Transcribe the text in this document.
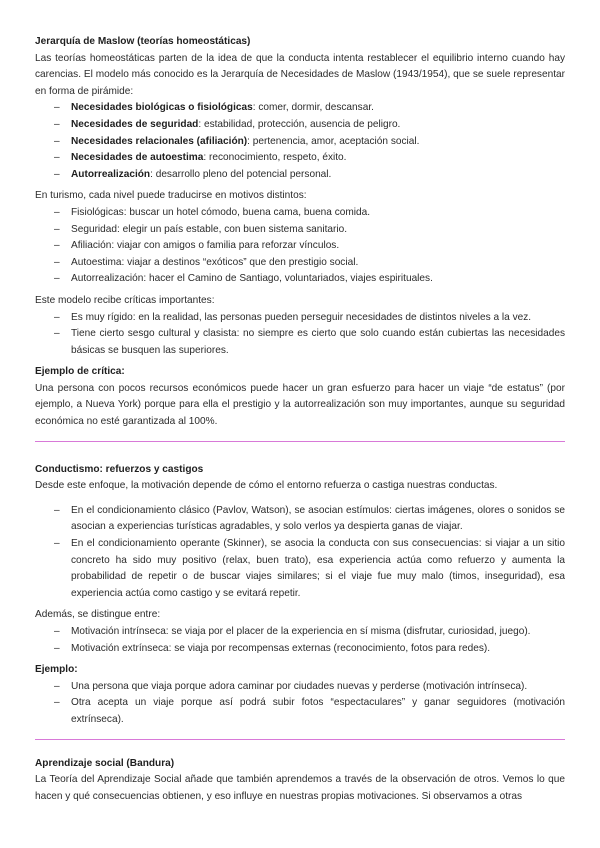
Jerarquía de Maslow (teorías homeostáticas)

Las teorías homeostáticas parten de la idea de que la conducta intenta restablecer el equilibrio interno cuando hay carencias. El modelo más conocido es la Jerarquía de Necesidades de Maslow (1943/1954), que se suele representar en forma de pirámide:

– Necesidades biológicas o fisiológicas: comer, dormir, descansar.
– Necesidades de seguridad: estabilidad, protección, ausencia de peligro.
– Necesidades relacionales (afiliación): pertenencia, amor, aceptación social.
– Necesidades de autoestima: reconocimiento, respeto, éxito.
– Autorrealización: desarrollo pleno del potencial personal.

En turismo, cada nivel puede traducirse en motivos distintos:

– Fisiológicas: buscar un hotel cómodo, buena cama, buena comida.
– Seguridad: elegir un país estable, con buen sistema sanitario.
– Afiliación: viajar con amigos o familia para reforzar vínculos.
– Autoestima: viajar a destinos “exóticos” que den prestigio social.
– Autorrealización: hacer el Camino de Santiago, voluntariados, viajes espirituales.

Este modelo recibe críticas importantes:

– Es muy rígido: en la realidad, las personas pueden perseguir necesidades de distintos niveles a la vez.
– Tiene cierto sesgo cultural y clasista: no siempre es cierto que solo cuando están cubiertas las necesidades básicas se busquen las superiores.

Ejemplo de crítica:

Una persona con pocos recursos económicos puede hacer un gran esfuerzo para hacer un viaje “de estatus” (por ejemplo, a Nueva York) porque para ella el prestigio y la autorrealización son muy importantes, aunque su seguridad económica no esté garantizada al 100%.

Conductismo: refuerzos y castigos

Desde este enfoque, la motivación depende de cómo el entorno refuerza o castiga nuestras conductas.

– En el condicionamiento clásico (Pavlov, Watson), se asocian estímulos: ciertas imágenes, olores o sonidos se asocian a experiencias turísticas agradables, y solo verlos ya despierta ganas de viajar.
– En el condicionamiento operante (Skinner), se asocia la conducta con sus consecuencias: si viajar a un sitio concreto ha sido muy positivo (relax, buen trato), esa experiencia actúa como refuerzo y aumenta la probabilidad de repetir o de buscar viajes similares; si el viaje fue muy malo (timos, inseguridad), esa experiencia actúa como castigo y se evitará repetir.

Además, se distingue entre:

– Motivación intrínseca: se viaja por el placer de la experiencia en sí misma (disfrutar, curiosidad, juego).
– Motivación extrínseca: se viaja por recompensas externas (reconocimiento, fotos para redes).

Ejemplo:

– Una persona que viaja porque adora caminar por ciudades nuevas y perderse (motivación intrínseca).
– Otra acepta un viaje porque así podrá subir fotos “espectaculares” y ganar seguidores (motivación extrínseca).

Aprendizaje social (Bandura)

La Teoría del Aprendizaje Social añade que también aprendemos a través de la observación de otros. Vemos lo que hacen y qué consecuencias obtienen, y eso influye en nuestras propias motivaciones. Si observamos a otras
